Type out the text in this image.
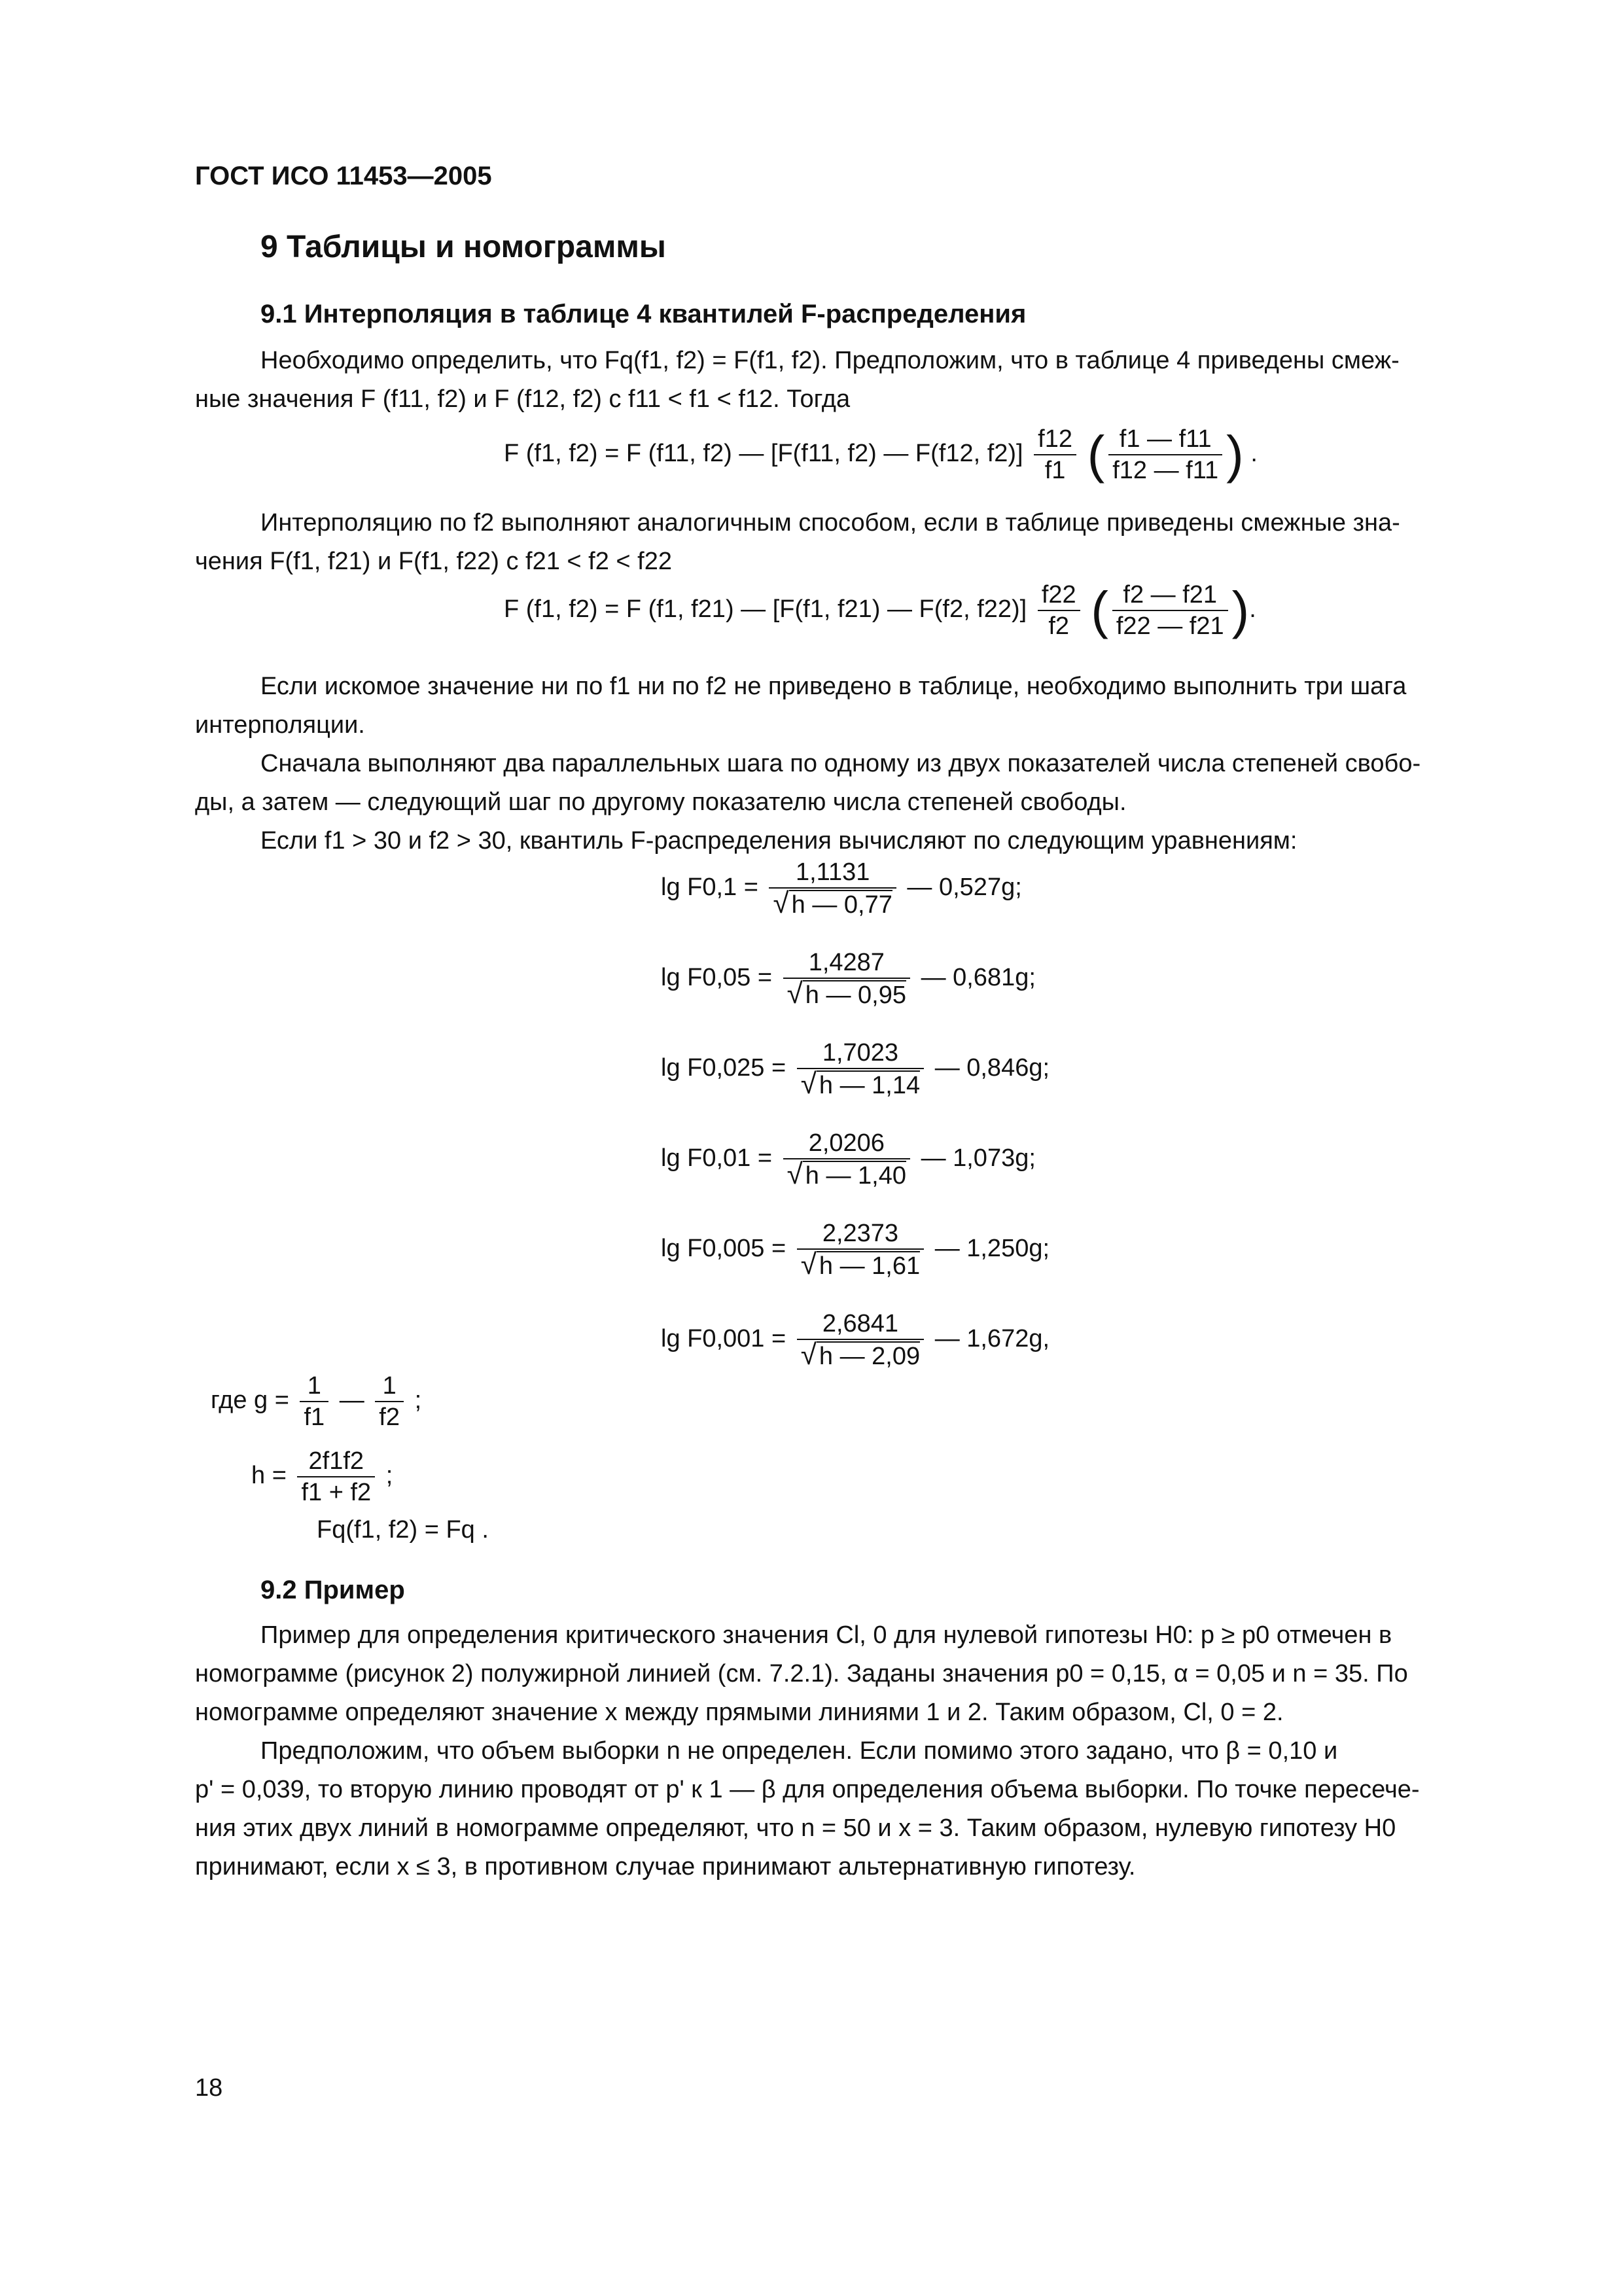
ГОСТ ИСО 11453—2005
9 Таблицы и номограммы
9.1 Интерполяция в таблице 4 квантилей F-распределения
Необходимо определить, что Fq(f1, f2) = F(f1, f2). Предположим, что в таблице 4 приведены смеж-
ные значения F (f11, f2) и F (f12, f2) с f11 < f1 < f12. Тогда
F (f1, f2) = F (f11, f2) — [F(f11, f2) — F(f12, $f2)] \frac{f12}{f1}$ ( $\frac{f1 — f11}{f12 — f11}$ ) .
Интерполяцию по f2 выполняют аналогичным способом, если в таблице приведены смежные зна-
чения F(f1, f21) и F(f1, f22) с f21 < f2 < f22
F (f1, f2) = F (f1, f21) — [F(f1, f21) — F(f2, $f22)] \frac{f22}{f2}$ ( $\frac{f2 — f21}{f22 — f21}$ ).
Если искомое значение ни по f1 ни по f2 не приведено в таблице, необходимо выполнить три шага
интерполяции.
Сначала выполняют два параллельных шага по одному из двух показателей числа степеней свобо-
ды, а затем — следующий шаг по другому показателю числа степеней свободы.
Если f1 > 30 и f2 > 30, квантиль F-распределения вычисляют по следующим уравнениям:
$\lg F0,1 = \frac{1,1131}{√ h — 0,77}$ — 0,527g;
$\lg F0,05 = \frac{1,4287}{√ h — 0,95}$ — 0,681g;
$\lg F0,025 = \frac{1,7023}{√ h — 1,14}$ — 0,846g;
$\lg F0,01 = \frac{2,0206}{√ h — 1,40}$ — 1,073g;
$\lg F0,005 = \frac{2,2373}{√ h — 1,61}$ — 1,250g;
$\lg F0,001 = \frac{2,6841}{√ h — 2,09}$ — 1,672g,
где $g = \frac{1}{f1}$ — $\frac{1}{f2}$ ;
$h = \frac{2f1f2}{f1 + f2}$ ;
Fq(f1, f2) = Fq .
9.2 Пример
Пример для определения критического значения Cl, 0 для нулевой гипотезы H0: p ≥ p0 отмечен в
номограмме (рисунок 2) полужирной линией (см. 7.2.1). Заданы значения p0 = 0,15, α = 0,05 и n = 35. По
номограмме определяют значение x между прямыми линиями 1 и 2. Таким образом, Cl, 0 = 2.
Предположим, что объем выборки n не определен. Если помимо этого задано, что β = 0,10 и
p' = 0,039, то вторую линию проводят от p' к 1 — β для определения объема выборки. По точке пересече-
ния этих двух линий в номограмме определяют, что n = 50 и x = 3. Таким образом, нулевую гипотезу H0
принимают, если x ≤ 3, в противном случае принимают альтернативную гипотезу.
18
